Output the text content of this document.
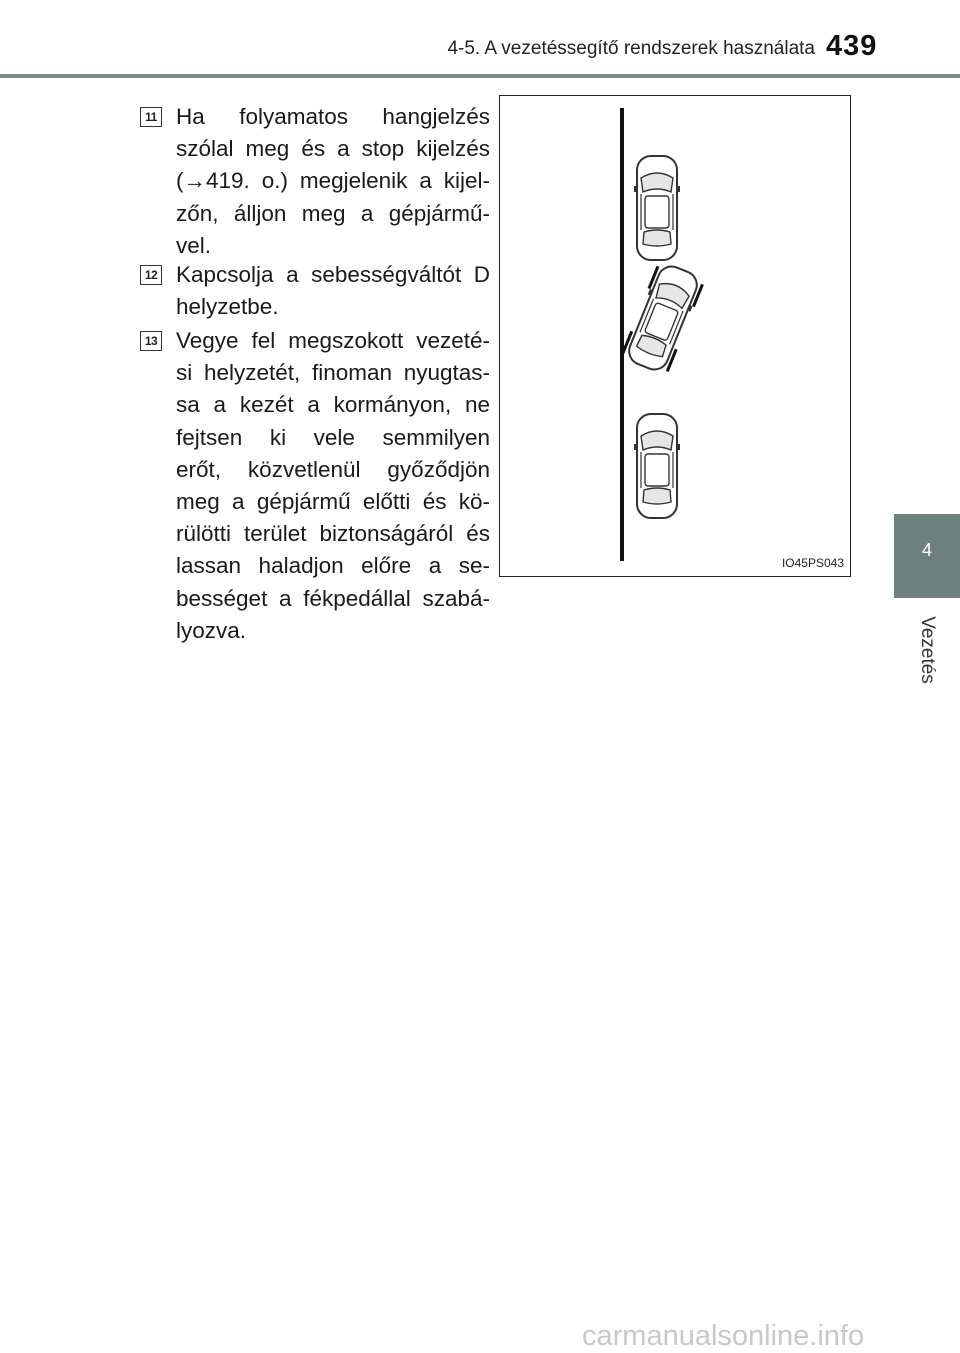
4-5. A vezetéssegítő rendszerek használata 439
4
Vezetés
11 Ha folyamatos hangjelzés
szólal meg és a stop kijelzés
(→419. o.) megjelenik a kijel-
zőn, álljon meg a gépjármű-
vel.
12 Kapcsolja a sebességváltót D
helyzetbe.
13 Vegye fel megszokott vezeté-
si helyzetét, finoman nyugtas-
sa a kezét a kormányon, ne
fejtsen ki vele semmilyen
erőt, közvetlenül győződjön
meg a gépjármű előtti és kö-
rülötti terület biztonságáról és
lassan haladjon előre a se-
bességet a fékpedállal szabá-
lyozva.
IO45PS043
carmanualsonline.info
